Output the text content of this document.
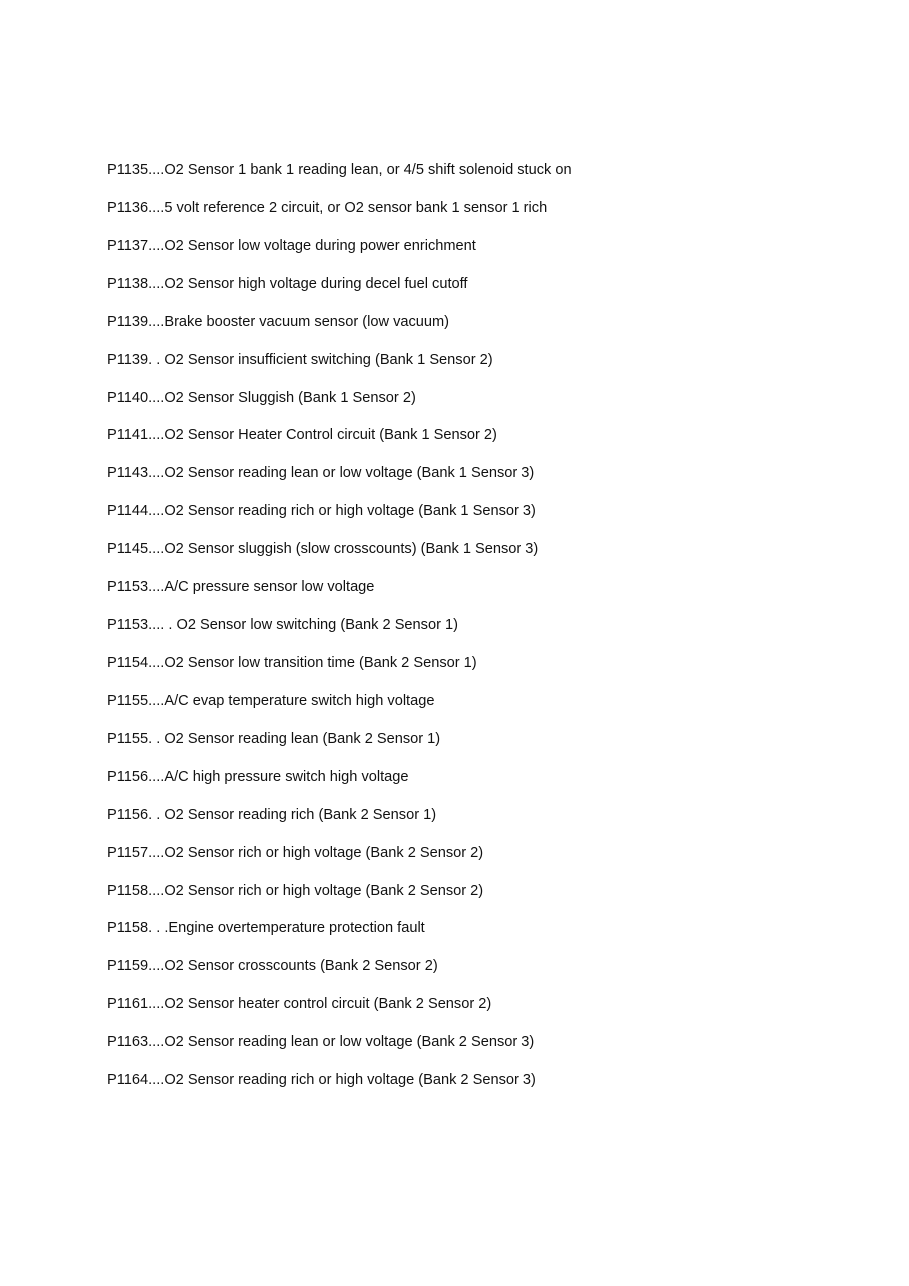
P1135....O2 Sensor 1 bank 1 reading lean, or 4/5 shift solenoid stuck on
P1136....5 volt reference 2 circuit, or O2 sensor bank 1 sensor 1 rich
P1137....O2 Sensor low voltage during power enrichment
P1138....O2 Sensor high voltage during decel fuel cutoff
P1139....Brake booster vacuum sensor (low vacuum)
P1139. . O2 Sensor insufficient switching (Bank 1 Sensor 2)
P1140....O2 Sensor Sluggish (Bank 1 Sensor 2)
P1141....O2 Sensor Heater Control circuit (Bank 1 Sensor 2)
P1143....O2 Sensor reading lean or low voltage (Bank 1 Sensor 3)
P1144....O2 Sensor reading rich or high voltage (Bank 1 Sensor 3)
P1145....O2 Sensor sluggish (slow crosscounts) (Bank 1 Sensor 3)
P1153....A/C pressure sensor low voltage
P1153.... . O2 Sensor low switching (Bank 2 Sensor 1)
P1154....O2 Sensor low transition time (Bank 2 Sensor 1)
P1155....A/C evap temperature switch high voltage
P1155. . O2 Sensor reading lean (Bank 2 Sensor 1)
P1156....A/C high pressure switch high voltage
P1156. . O2 Sensor reading rich (Bank 2 Sensor 1)
P1157....O2 Sensor rich or high voltage (Bank 2 Sensor 2)
P1158....O2 Sensor rich or high voltage (Bank 2 Sensor 2)
P1158. . .Engine overtemperature protection fault
P1159....O2 Sensor crosscounts (Bank 2 Sensor 2)
P1161....O2 Sensor heater control circuit (Bank 2 Sensor 2)
P1163....O2 Sensor reading lean or low voltage (Bank 2 Sensor 3)
P1164....O2 Sensor reading rich or high voltage (Bank 2 Sensor 3)
